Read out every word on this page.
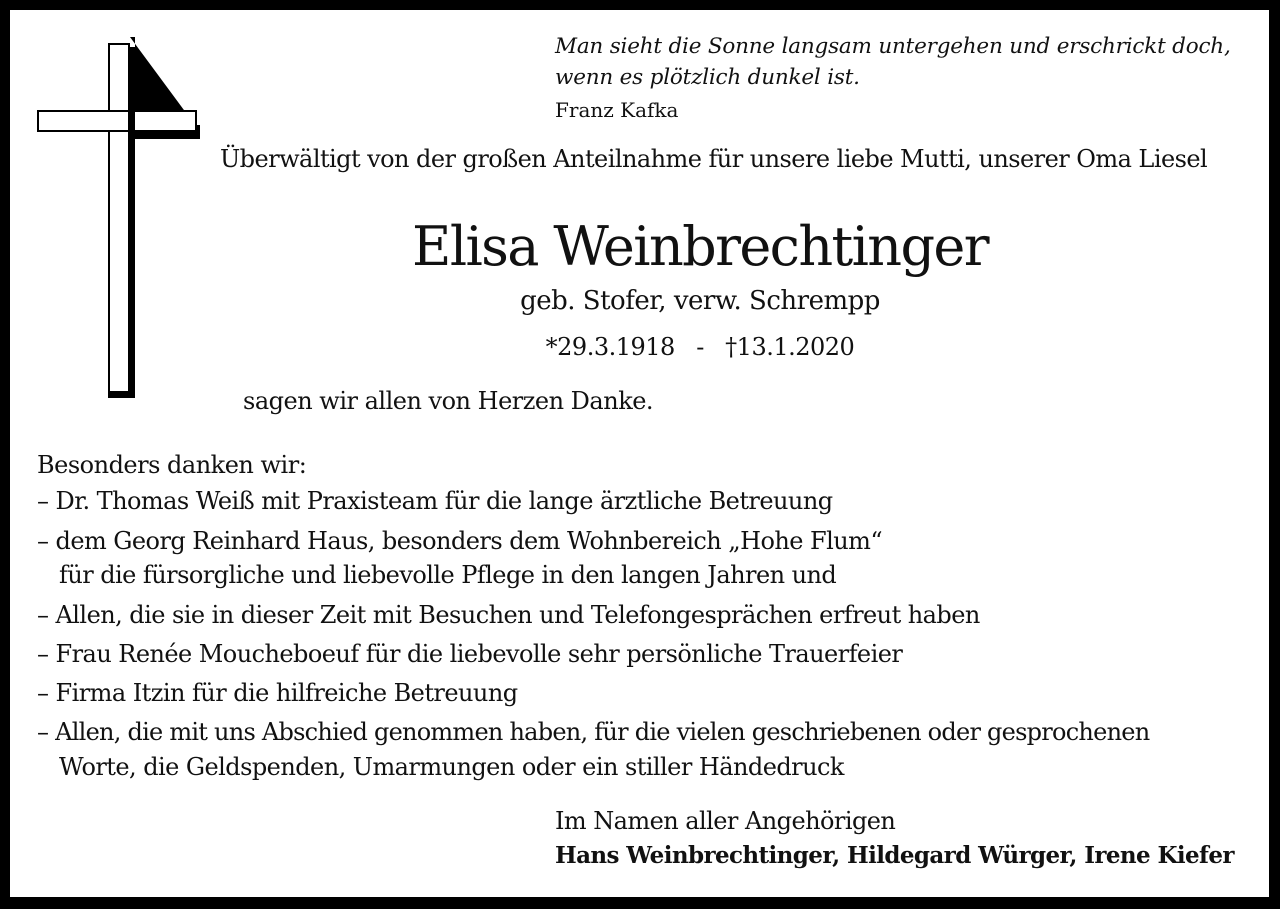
Man sieht die Sonne langsam untergehen und erschrickt doch,

wenn es plötzlich dunkel ist.

Franz Kafka

Überwältigt von der großen Anteilnahme für unsere liebe Mutti, unserer Oma Liesel

Elisa Weinbrechtinger

geb. Stofer, verw. Schrempp

*29.3.1918   -   †13.1.2020

sagen wir allen von Herzen Danke.

Besonders danken wir:

– Dr. Thomas Weiß mit Praxisteam für die lange ärztliche Betreuung

– dem Georg Reinhard Haus, besonders dem Wohnbereich „Hohe Flum“

für die fürsorgliche und liebevolle Pflege in den langen Jahren und

– Allen, die sie in dieser Zeit mit Besuchen und Telefongesprächen erfreut haben

– Frau Renée Moucheboeuf für die liebevolle sehr persönliche Trauerfeier

– Firma Itzin für die hilfreiche Betreuung

– Allen, die mit uns Abschied genommen haben, für die vielen geschriebenen oder gesprochenen

Worte, die Geldspenden, Umarmungen oder ein stiller Händedruck

Im Namen aller Angehörigen

Hans Weinbrechtinger, Hildegard Würger, Irene Kiefer
